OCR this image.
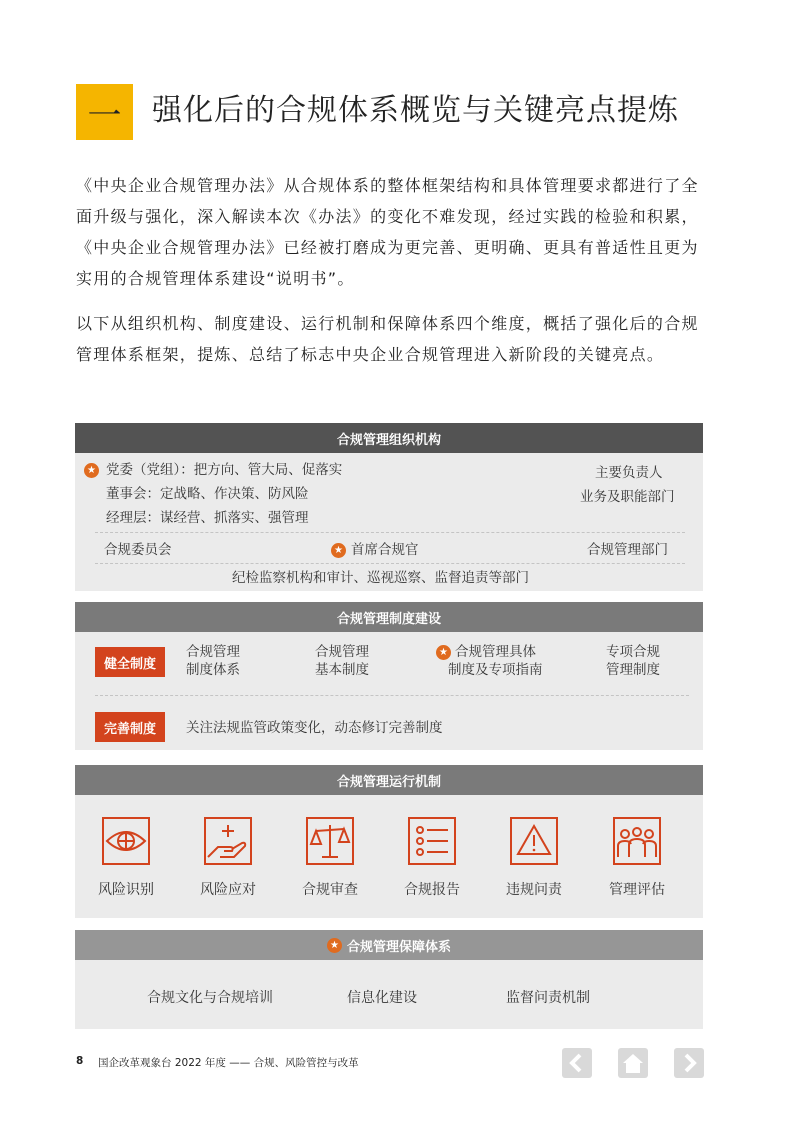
一 强化后的合规体系概览与关键亮点提炼

《中央企业合规管理办法》从合规体系的整体框架结构和具体管理要求都进行了全面升级与强化，深入解读本次《办法》的变化不难发现，经过实践的检验和积累，《中央企业合规管理办法》已经被打磨成为更完善、更明确、更具有普适性且更为实用的合规管理体系建设“说明书”。

以下从组织机构、制度建设、运行机制和保障体系四个维度，概括了强化后的合规管理体系框架，提炼、总结了标志中央企业合规管理进入新阶段的关键亮点。

合规管理组织机构
★
党委（党组）：把方向、管大局、促落实
董事会：定战略、作决策、防风险
经理层：谋经营、抓落实、强管理
主要负责人
业务及职能部门
合规委员会
★	首席合规官	合规管理部门
纪检监察机构和审计、巡视巡察、监督追责等部门
合规管理制度建设
健全制度
合规管理
制度体系
合规管理
基本制度
★
合规管理具体
制度及专项指南
专项合规
管理制度
完善制度 关注法规监管政策变化，动态修订完善制度
合规管理运行机制
风险识别	风险应对	合规审查	合规报告	违规问责	管理评估
★
合规管理保障体系
合规文化与合规培训	信息化建设	监督问责机制
8 国企改革观象台 2022 年度 —— 合规、风险管控与改革
